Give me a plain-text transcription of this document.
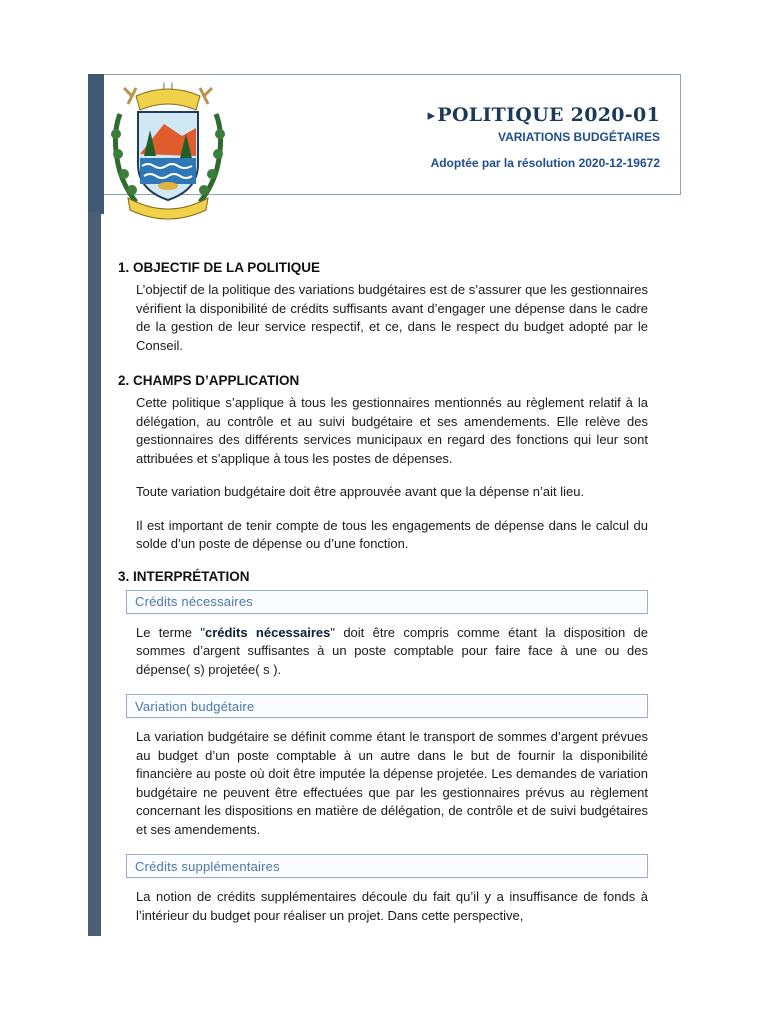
▸ POLITIQUE 2020-01
VARIATIONS BUDGÉTAIRES
Adoptée par la résolution 2020-12-19672
1. OBJECTIF DE LA POLITIQUE

L’objectif de la politique des variations budgétaires est de s’assurer que les gestionnaires vérifient la disponibilité de crédits suffisants avant d’engager une dépense dans le cadre de la gestion de leur service respectif, et ce, dans le respect du budget adopté par le Conseil.

2. CHAMPS D’APPLICATION

Cette politique s’applique à tous les gestionnaires mentionnés au règlement relatif à la délégation, au contrôle et au suivi budgétaire et ses amendements. Elle relève des gestionnaires des différents services municipaux en regard des fonctions qui leur sont attribuées et s’applique à tous les postes de dépenses.

Toute variation budgétaire doit être approuvée avant que la dépense n’ait lieu.

Il est important de tenir compte de tous les engagements de dépense dans le calcul du solde d’un poste de dépense ou d’une fonction.

3. INTERPRÉTATION
Crédits nécessaires

Le terme "crédits nécessaires" doit être compris comme étant la disposition de sommes d’argent suffisantes à un poste comptable pour faire face à une ou des dépense( s) projetée( s ).

Variation budgétaire

La variation budgétaire se définit comme étant le transport de sommes d’argent prévues au budget d’un poste comptable à un autre dans le but de fournir la disponibilité financière au poste où doit être imputée la dépense projetée. Les demandes de variation budgétaire ne peuvent être effectuées que par les gestionnaires prévus au règlement concernant les dispositions en matière de délégation, de contrôle et de suivi budgétaires et ses amendements.

Crédits supplémentaires

La notion de crédits supplémentaires découle du fait qu’il y a insuffisance de fonds à l’intérieur du budget pour réaliser un projet. Dans cette perspective,
